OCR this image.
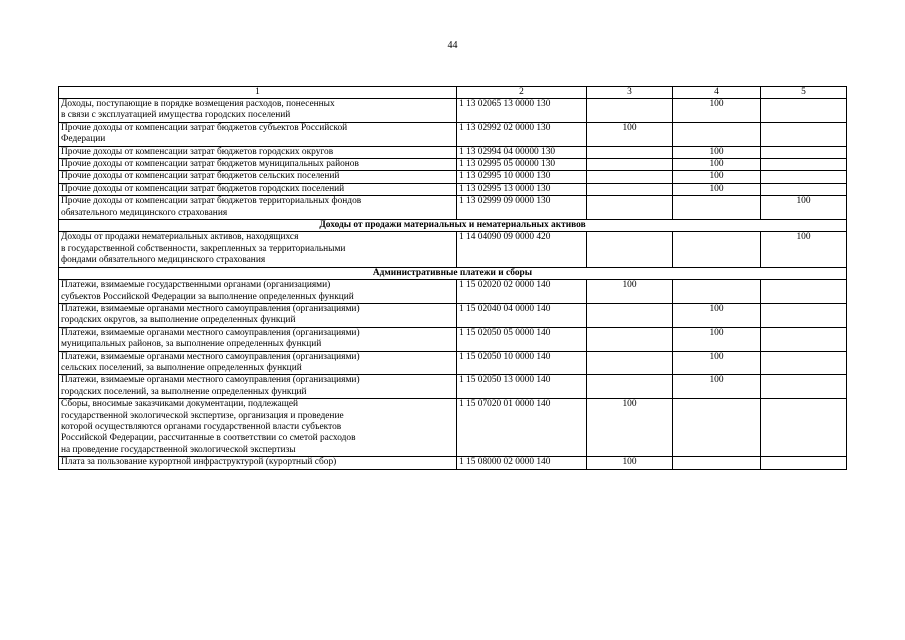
44
1	2	3	4	5

Доходы, поступающие в порядке возмещения расходов, понесенных
в связи с эксплуатацией имущества городских поселений	1 13 02065 13 0000 130		100	

Прочие доходы от компенсации затрат бюджетов субъектов Российской
Федерации	1 13 02992 02 0000 130	100		

Прочие доходы от компенсации затрат бюджетов городских округов	1 13 02994 04 00000 130		100	

Прочие доходы от компенсации затрат бюджетов муниципальных районов	1 13 02995 05 00000 130		100	

Прочие доходы от компенсации затрат бюджетов сельских поселений	1 13 02995 10 0000 130		100	

Прочие доходы от компенсации затрат бюджетов городских поселений	1 13 02995 13 0000 130		100	

Прочие доходы от компенсации затрат бюджетов территориальных фондов
обязательного медицинского страхования	1 13 02999 09 0000 130			100
Доходы от продажи материальных и нематериальных активов				

Доходы от продажи нематериальных активов, находящихся
в государственной собственности, закрепленных за территориальными
фондами обязательного медицинского страхования	1 14 04090 09 0000 420			100
Административные платежи и сборы				

Платежи, взимаемые государственными органами (организациями)
субъектов Российской Федерации за выполнение определенных функций	1 15 02020 02 0000 140	100		

Платежи, взимаемые органами местного самоуправления (организациями)
городских округов, за выполнение определенных функций	1 15 02040 04 0000 140		100	

Платежи, взимаемые органами местного самоуправления (организациями)
муниципальных районов, за выполнение определенных функций	1 15 02050 05 0000 140		100	

Платежи, взимаемые органами местного самоуправления (организациями)
сельских поселений, за выполнение определенных функций	1 15 02050 10 0000 140		100	

Платежи, взимаемые органами местного самоуправления (организациями)
городских поселений, за выполнение определенных функций	1 15 02050 13 0000 140		100	

Сборы, вносимые заказчиками документации, подлежащей
государственной экологической экспертизе, организация и проведение
которой осуществляются органами государственной власти субъектов
Российской Федерации, рассчитанные в соответствии со сметой расходов
на проведение государственной экологической экспертизы	1 15 07020 01 0000 140	100		

Плата за пользование курортной инфраструктурой (курортный сбор)	1 15 08000 02 0000 140	100		
